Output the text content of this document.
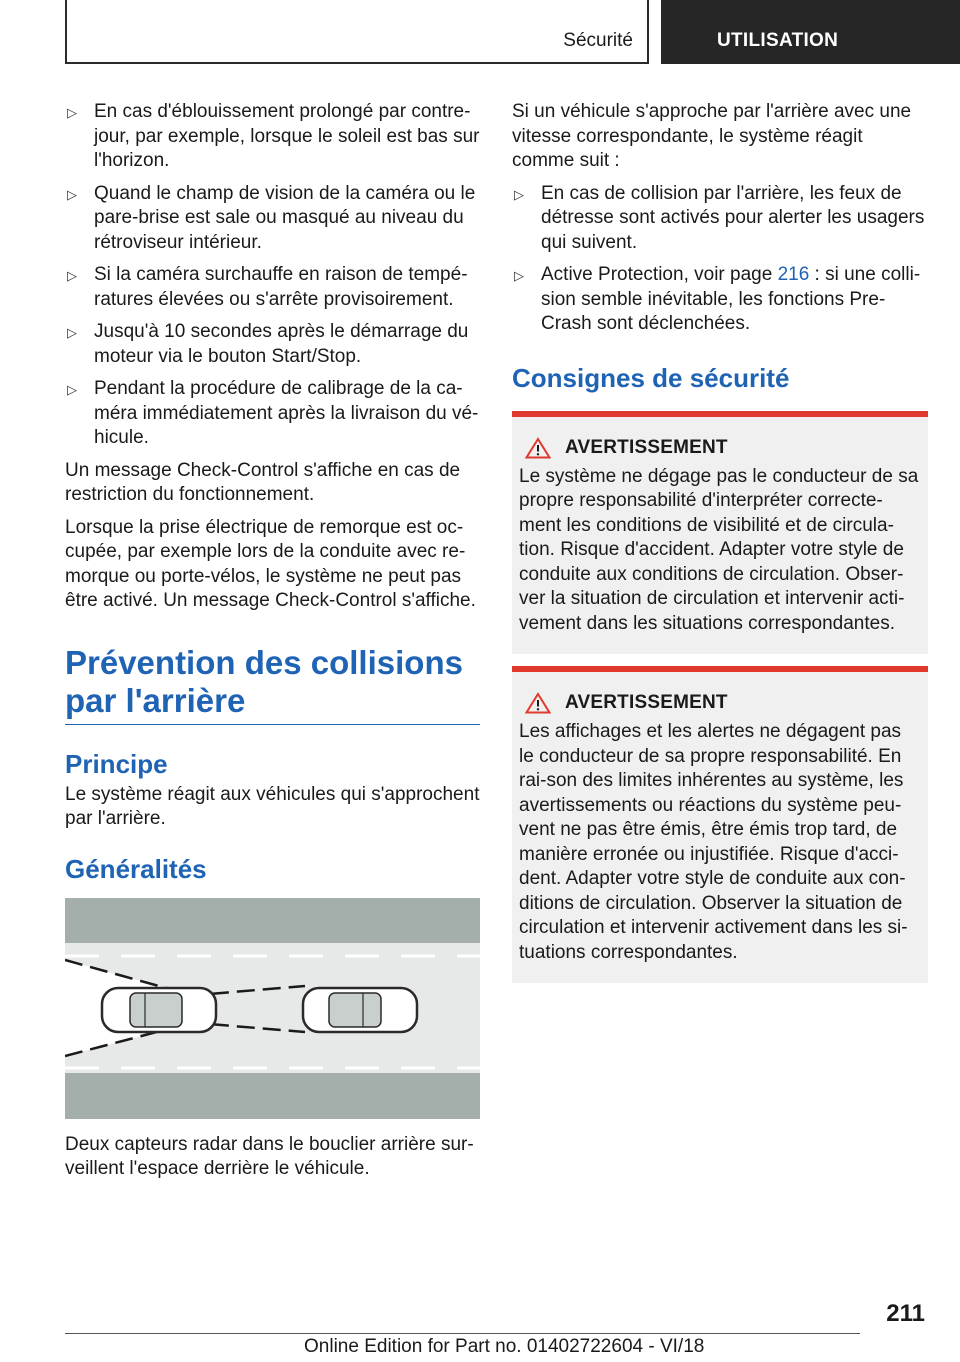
Sécurité	UTILISATION
▷ En cas d'éblouissement prolongé par contre-jour, par exemple, lorsque le soleil est bas sur l'horizon.
▷ Quand le champ de vision de la caméra ou le pare-brise est sale ou masqué au niveau du rétroviseur intérieur.
▷ Si la caméra surchauffe en raison de tempé-ratures élevées ou s'arrête provisoirement.
▷ Jusqu'à 10 secondes après le démarrage du moteur via le bouton Start/Stop.
▷ Pendant la procédure de calibrage de la ca-méra immédiatement après la livraison du vé-hicule.

Un message Check-Control s'affiche en cas de restriction du fonctionnement.

Lorsque la prise électrique de remorque est oc-cupée, par exemple lors de la conduite avec re-morque ou porte-vélos, le système ne peut pas être activé. Un message Check-Control s'affiche.

Prévention des collisions par l'arrière
Principe

Le système réagit aux véhicules qui s'approchent par l'arrière.

Généralités

Deux capteurs radar dans le bouclier arrière sur-veillent l'espace derrière le véhicule.

Si un véhicule s'approche par l'arrière avec une vitesse correspondante, le système réagit comme suit :

▷ En cas de collision par l'arrière, les feux de détresse sont activés pour alerter les usagers qui suivent.
▷ Active Protection, voir page 216 : si une colli-sion semble inévitable, les fonctions Pre-Crash sont déclenchées.
Consignes de sécurité
AVERTISSEMENT

Le système ne dégage pas le conducteur de sa propre responsabilité d'interpréter correcte-ment les conditions de visibilité et de circula-tion. Risque d'accident. Adapter votre style de conduite aux conditions de circulation. Obser-ver la situation de circulation et intervenir acti-vement dans les situations correspondantes.

AVERTISSEMENT

Les affichages et les alertes ne dégagent pas le conducteur de sa propre responsabilité. En rai-son des limites inhérentes au système, les avertissements ou réactions du système peu-vent ne pas être émis, être émis trop tard, de manière erronée ou injustifiée. Risque d'acci-dent. Adapter votre style de conduite aux con-ditions de circulation. Observer la situation de circulation et intervenir activement dans les si-tuations correspondantes.

211
Online Edition for Part no. 01402722604 - VI/18
